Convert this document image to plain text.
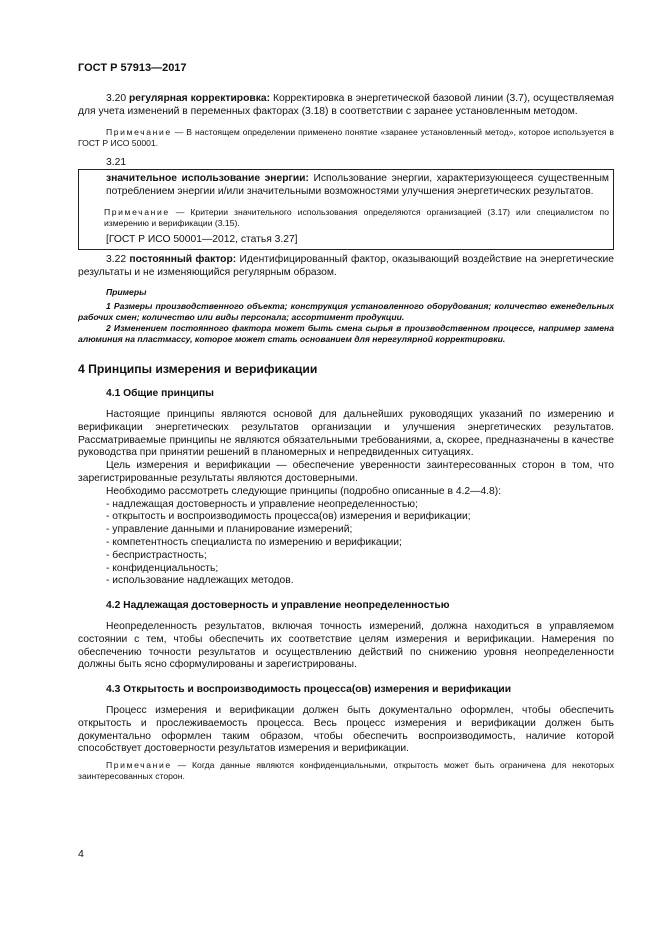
ГОСТ Р 57913—2017

3.20 регулярная корректировка: Корректировка в энергетической базовой линии (3.7), осуществляемая для учета изменений в переменных факторах (3.18) в соответствии с заранее установленным методом.

Примечание — В настоящем определении применено понятие «заранее установленный метод», которое используется в ГОСТ Р ИСО 50001.

3.21

значительное использование энергии: Использование энергии, характеризующееся существенным потреблением энергии и/или значительными возможностями улучшения энергетических результатов.

Примечание — Критерии значительного использования определяются организацией (3.17) или специалистом по измерению и верификации (3.15).

[ГОСТ Р ИСО 50001—2012, статья 3.27]

3.22 постоянный фактор: Идентифицированный фактор, оказывающий воздействие на энергетические результаты и не изменяющийся регулярным образом.

Примеры

1 Размеры производственного объекта; конструкция установленного оборудования; количество еженедельных рабочих смен; количество или виды персонала; ассортимент продукции.

2 Изменением постоянного фактора может быть смена сырья в производственном процессе, например замена алюминия на пластмассу, которое может стать основанием для нерегулярной корректировки.

4 Принципы измерения и верификации
4.1 Общие принципы

Настоящие принципы являются основой для дальнейших руководящих указаний по измерению и верификации энергетических результатов организации и улучшения энергетических результатов. Рассматриваемые принципы не являются обязательными требованиями, а, скорее, предназначены в качестве руководства при принятии решений в планомерных и непредвиденных ситуациях.

Цель измерения и верификации — обеспечение уверенности заинтересованных сторон в том, что зарегистрированные результаты являются достоверными.

Необходимо рассмотреть следующие принципы (подробно описанные в 4.2—4.8):

- надлежащая достоверность и управление неопределенностью;
- открытость и воспроизводимость процесса(ов) измерения и верификации;
- управление данными и планирование измерений;
- компетентность специалиста по измерению и верификации;
- беспристрастность;
- конфиденциальность;
- использование надлежащих методов.
4.2 Надлежащая достоверность и управление неопределенностью

Неопределенность результатов, включая точность измерений, должна находиться в управляемом состоянии с тем, чтобы обеспечить их соответствие целям измерения и верификации. Намерения по обеспечению точности результатов и осуществлению действий по снижению уровня неопределенности должны быть ясно сформулированы и зарегистрированы.

4.3 Открытость и воспроизводимость процесса(ов) измерения и верификации

Процесс измерения и верификации должен быть документально оформлен, чтобы обеспечить открытость и прослеживаемость процесса. Весь процесс измерения и верификации должен быть документально оформлен таким образом, чтобы обеспечить воспроизводимость, наличие которой способствует достоверности результатов измерения и верификации.

Примечание — Когда данные являются конфиденциальными, открытость может быть ограничена для некоторых заинтересованных сторон.

4
